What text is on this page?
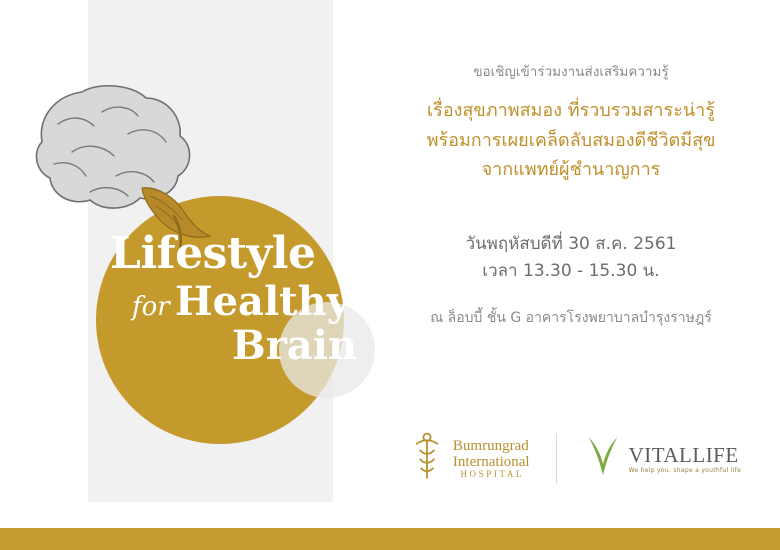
Lifestyle
for Healthy
Brain
ขอเชิญเข้าร่วมงานส่งเสริมความรู้
เรื่องสุขภาพสมอง ที่รวบรวมสาระน่ารู้
พร้อมการเผยเคล็ดลับสมองดีชีวิตมีสุข
จากแพทย์ผู้ชำนาญการ
วันพฤหัสบดีที่ 30 ส.ค. 2561
เวลา 13.30 - 15.30 น.
ณ ล็อบบี้ ชั้น G อาคารโรงพยาบาลบำรุงราษฎร์
Bumrungrad
International
HOSPITAL
VITALLIFE
We help you, shape a youthful life
